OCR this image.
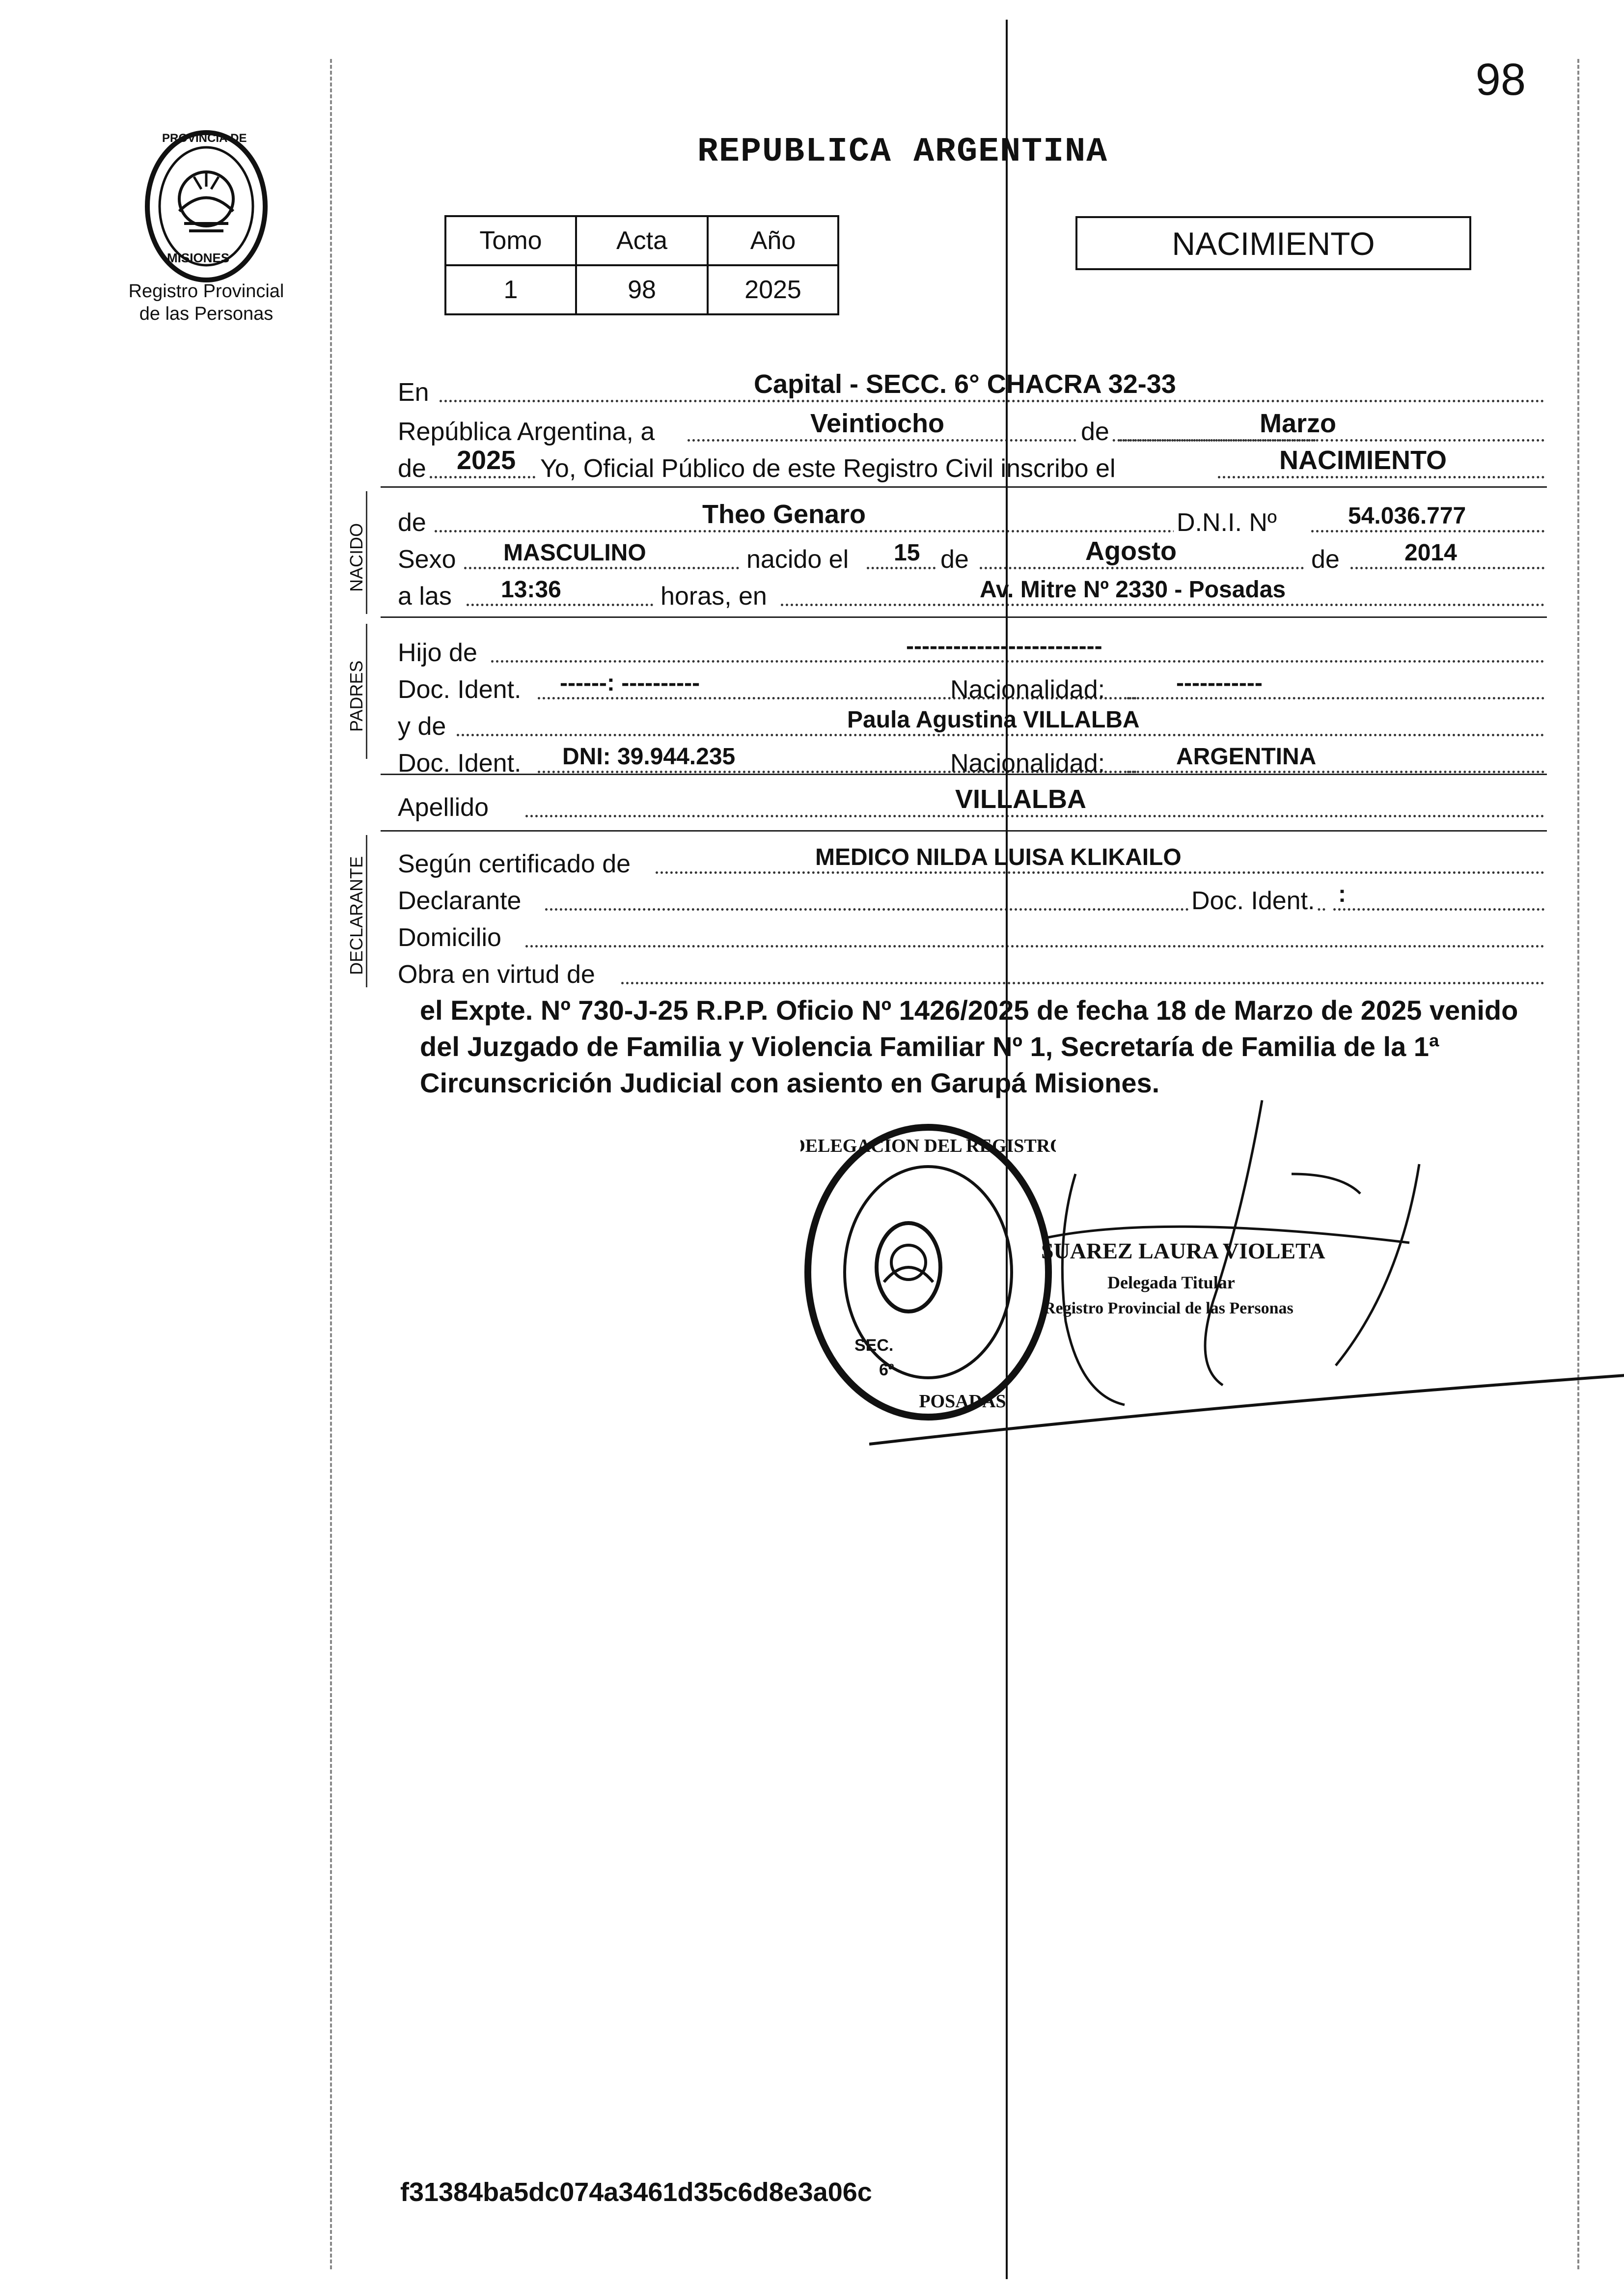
98
PROVINCIA DE
MISIONES
Registro Provincial
de las Personas
REPUBLICA ARGENTINA
Tomo	Acta	Año
1	98	2025
NACIMIENTO
En	Capital - SECC. 6° CHACRA 32-33
República Argentina, a	Veintiocho	de	Marzo
de 2025 Yo, Oficial Público de este Registro Civil inscribo el	NACIMIENTO
NACIDO
de	Theo Genaro	D.N.I. Nº	54.036.777
Sexo MASCULINO	nacido el 15 de	Agosto	de	2014
a las 13:36	horas, en	Av. Mitre Nº 2330 - Posadas
PADRES
Hijo de	-------------------------
Doc. Ident. ------: ----------	Nacionalidad:	-----------
y de	Paula Agustina VILLALBA
Doc. Ident. DNI: 39.944.235	Nacionalidad:	ARGENTINA
Apellido	VILLALBA
DECLARANTE Según certificado de	MEDICO NILDA LUISA KLIKAILO
Declarante	Doc. Ident. :
Domicilio
Obra en virtud de
el Expte. Nº 730-J-25 R.P.P. Oficio Nº 1426/2025 de fecha 18 de Marzo de 2025 venido del Juzgado de Familia y Violencia Familiar Nº 1, Secretaría de Familia de la 1ª Circunscrición Judicial con asiento en Garupá Misiones.
DELEGACION DEL REGISTRO
POSADAS
6ª
SEC.
SUAREZ LAURA VIOLETA
Delegada Titular
Registro Provincial de las Personas
f31384ba5dc074a3461d35c6d8e3a06c
